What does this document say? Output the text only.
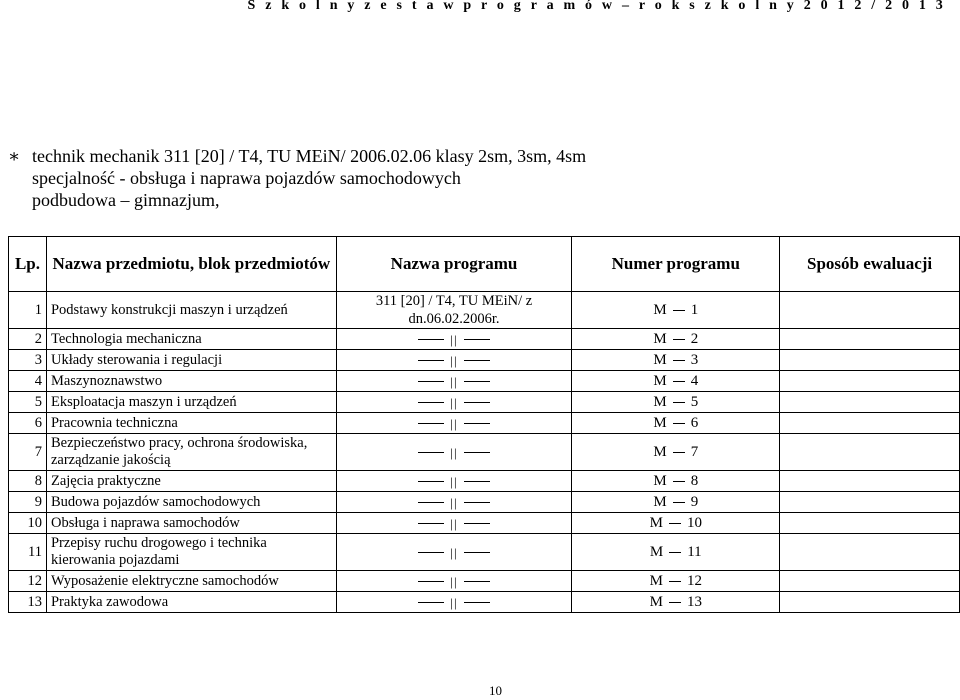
S z k o l n y z e s t a w p r o g r a m ó w – r o k s z k o l n y 2 0 1 2 / 2 0 1 3
∗ technik mechanik 311 [20] / T4, TU MEiN/ 2006.02.06 klasy 2sm, 3sm, 4sm
specjalność - obsługa i naprawa pojazdów samochodowych
podbudowa – gimnazjum,
Lp.	Nazwa przedmiotu, blok przedmiotów	Nazwa programu	Numer programu	Sposób ewaluacji
1	Podstawy konstrukcji maszyn i urządzeń	311 [20] / T4, TU MEiN/ z dn.06.02.2006r.	M 1	

2	Technologia mechaniczna	||	M 2	

3	Układy sterowania i regulacji	||	M 3	

4	Maszynoznawstwo	||	M 4	

5	Eksploatacja maszyn i urządzeń	||	M 5	

6	Pracownia techniczna	||	M 6	

7	Bezpieczeństwo pracy, ochrona środowiska, zarządzanie jakością	||	M 7	

8	Zajęcia praktyczne	||	M 8	

9	Budowa pojazdów samochodowych	||	M 9	

10	Obsługa i naprawa samochodów	||	M 10	

11	Przepisy ruchu drogowego i technika kierowania pojazdami	||	M 11	

12	Wyposażenie elektryczne samochodów	||	M 12	

13	Praktyka zawodowa	||	M 13	

10
